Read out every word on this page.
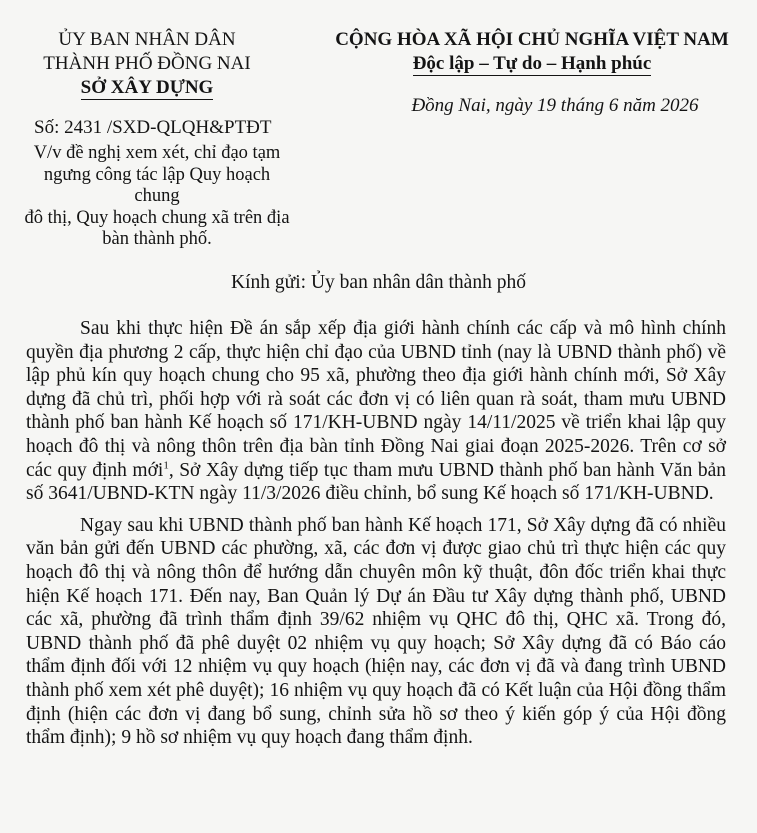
ỦY BAN NHÂN DÂN
THÀNH PHỐ ĐỒNG NAI
SỞ XÂY DỰNG
CỘNG HÒA XÃ HỘI CHỦ NGHĨA VIỆT NAM
Độc lập – Tự do – Hạnh phúc
Đồng Nai, ngày 19 tháng 6 năm 2026
Số: 2431 /SXD-QLQH&PTĐT
V/v đề nghị xem xét, chỉ đạo tạm
ngưng công tác lập Quy hoạch chung
đô thị, Quy hoạch chung xã trên địa
bàn thành phố.
Kính gửi: Ủy ban nhân dân thành phố

Sau khi thực hiện Đề án sắp xếp địa giới hành chính các cấp và mô hình chính quyền địa phương 2 cấp, thực hiện chỉ đạo của UBND tỉnh (nay là UBND thành phố) về lập phủ kín quy hoạch chung cho 95 xã, phường theo địa giới hành chính mới, Sở Xây dựng đã chủ trì, phối hợp với rà soát các đơn vị có liên quan rà soát, tham mưu UBND thành phố ban hành Kế hoạch số 171/KH-UBND ngày 14/11/2025 về triển khai lập quy hoạch đô thị và nông thôn trên địa bàn tỉnh Đồng Nai giai đoạn 2025-2026. Trên cơ sở các quy định mới$^1$, Sở Xây dựng tiếp tục tham mưu UBND thành phố ban hành Văn bản số 3641/UBND-KTN ngày 11/3/2026 điều chỉnh, bổ sung Kế hoạch số 171/KH-UBND.

Ngay sau khi UBND thành phố ban hành Kế hoạch 171, Sở Xây dựng đã có nhiều văn bản gửi đến UBND các phường, xã, các đơn vị được giao chủ trì thực hiện các quy hoạch đô thị và nông thôn để hướng dẫn chuyên môn kỹ thuật, đôn đốc triển khai thực hiện Kế hoạch 171. Đến nay, Ban Quản lý Dự án Đầu tư Xây dựng thành phố, UBND các xã, phường đã trình thẩm định 39/62 nhiệm vụ QHC đô thị, QHC xã. Trong đó, UBND thành phố đã phê duyệt 02 nhiệm vụ quy hoạch; Sở Xây dựng đã có Báo cáo thẩm định đối với 12 nhiệm vụ quy hoạch (hiện nay, các đơn vị đã và đang trình UBND thành phố xem xét phê duyệt); 16 nhiệm vụ quy hoạch đã có Kết luận của Hội đồng thẩm định (hiện các đơn vị đang bổ sung, chỉnh sửa hồ sơ theo ý kiến góp ý của Hội đồng thẩm định); 9 hồ sơ nhiệm vụ quy hoạch đang thẩm định.
